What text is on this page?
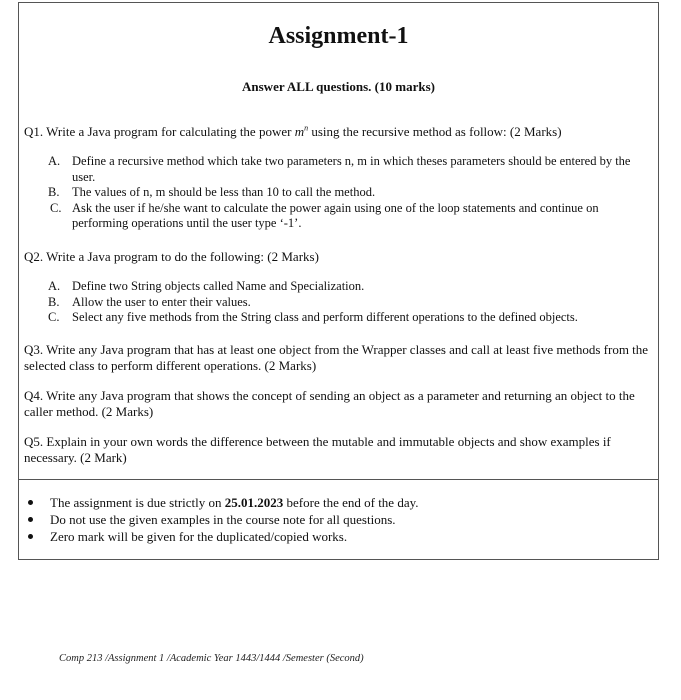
Assignment-1
Answer ALL questions. (10 marks)

Q1. Write a Java program for calculating the power $m^n$ using the recursive method as follow: (2 Marks)

A. Define a recursive method which take two parameters n, m in which theses parameters should be entered by the user.
B.	The values of n, m should be less than 10 to call the method.
C. Ask the user if he/she want to calculate the power again using one of the loop statements and continue on performing operations until the user type ‘-1’.

Q2. Write a Java program to do the following: (2 Marks)

A. Define two String objects called Name and Specialization.
B.	Allow the user to enter their values.
C.	Select any five methods from the String class and perform different operations to the defined objects.

Q3. Write any Java program that has at least one object from the Wrapper classes and call at least five methods from the selected class to perform different operations. (2 Marks)

Q4. Write any Java program that shows the concept of sending an object as a parameter and returning an object to the caller method. (2 Marks)

Q5. Explain in your own words the difference between the mutable and immutable objects and show examples if necessary. (2 Mark)

The assignment is due strictly on 25.01.2023 before the end of the day.
Do not use the given examples in the course note for all questions.
Zero mark will be given for the duplicated/copied works.
Comp 213 /Assignment 1 /Academic Year 1443/1444 /Semester (Second)
